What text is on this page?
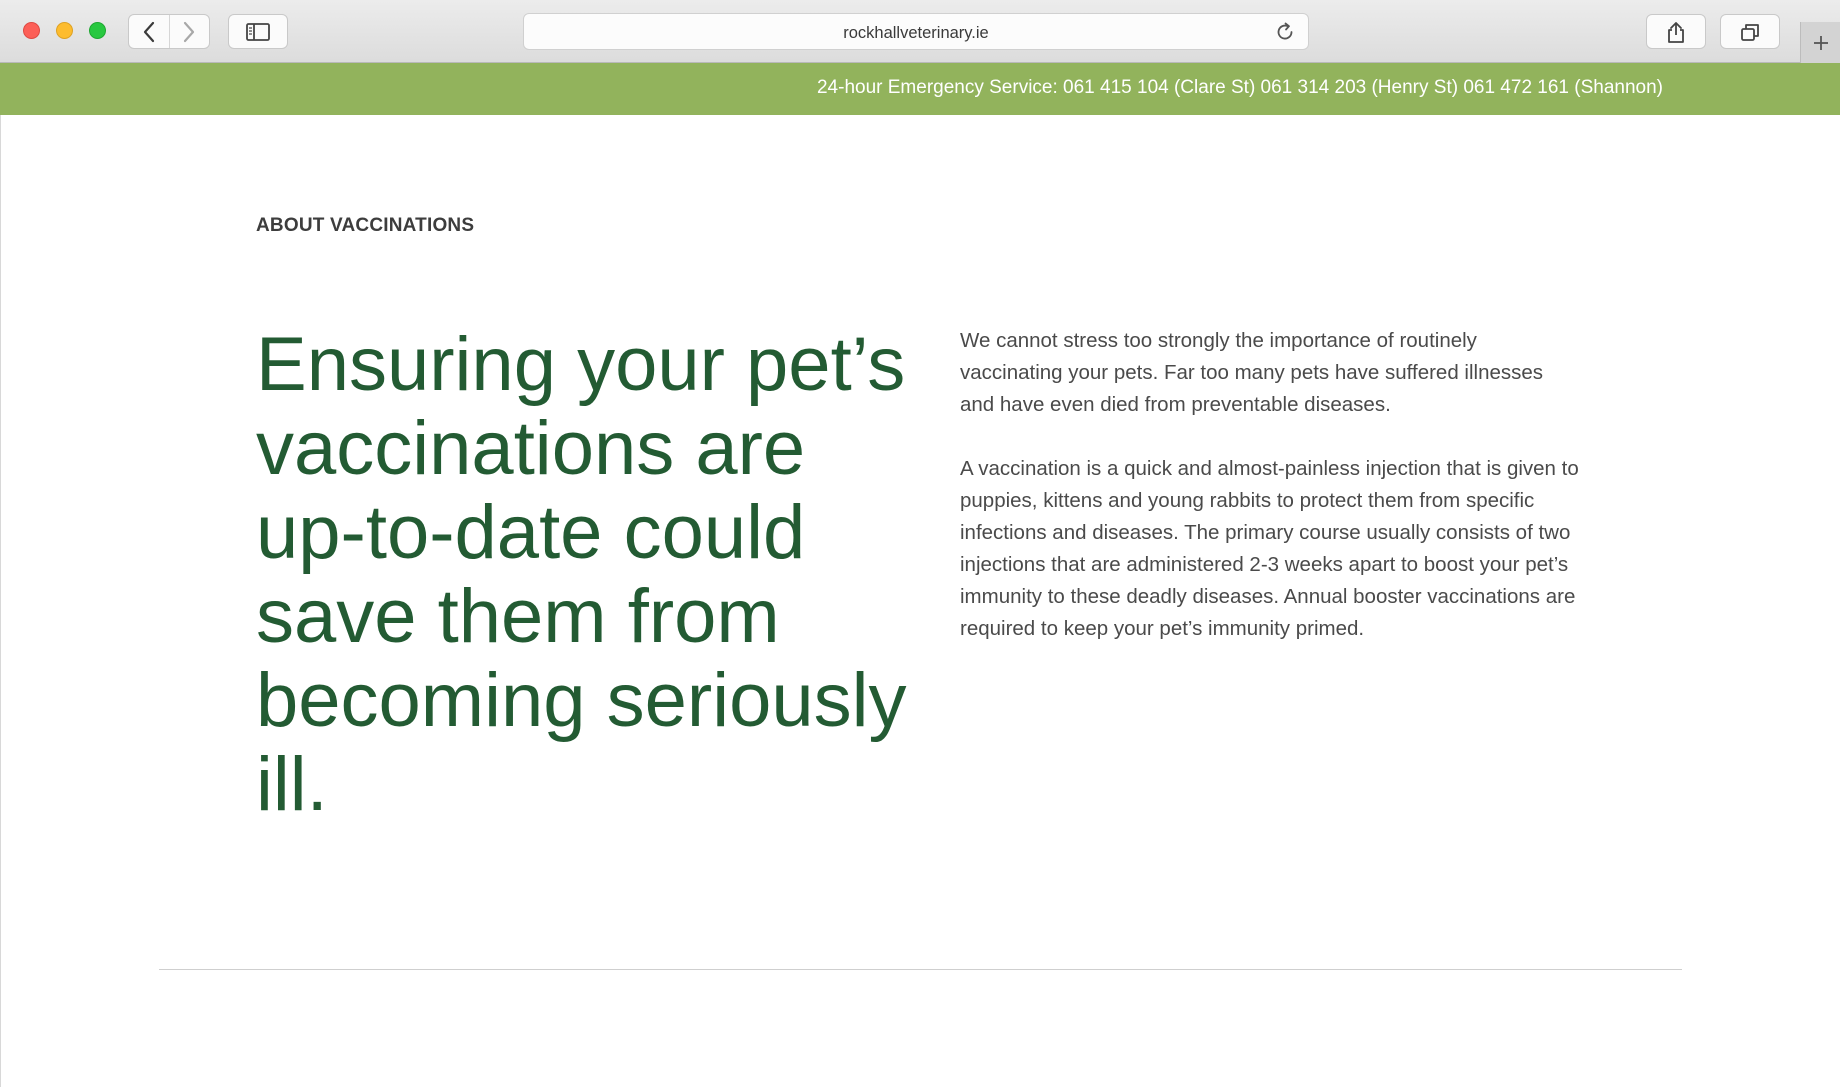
rockhallveterinary.ie
24-hour Emergency Service: 061 415 104 (Clare St) 061 314 203 (Henry St) 061 472 161 (Shannon)
ABOUT VACCINATIONS
Ensuring your pet’s vaccinations are up-to-date could save them from becoming seriously ill.

We cannot stress too strongly the importance of routinely vaccinating your pets. Far too many pets have suffered illnesses and have even died from preventable diseases.

A vaccination is a quick and almost-painless injection that is given to puppies, kittens and young rabbits to protect them from specific infections and diseases. The primary course usually consists of two injections that are administered 2-3 weeks apart to boost your pet’s immunity to these deadly diseases. Annual booster vaccinations are required to keep your pet’s immunity primed.
